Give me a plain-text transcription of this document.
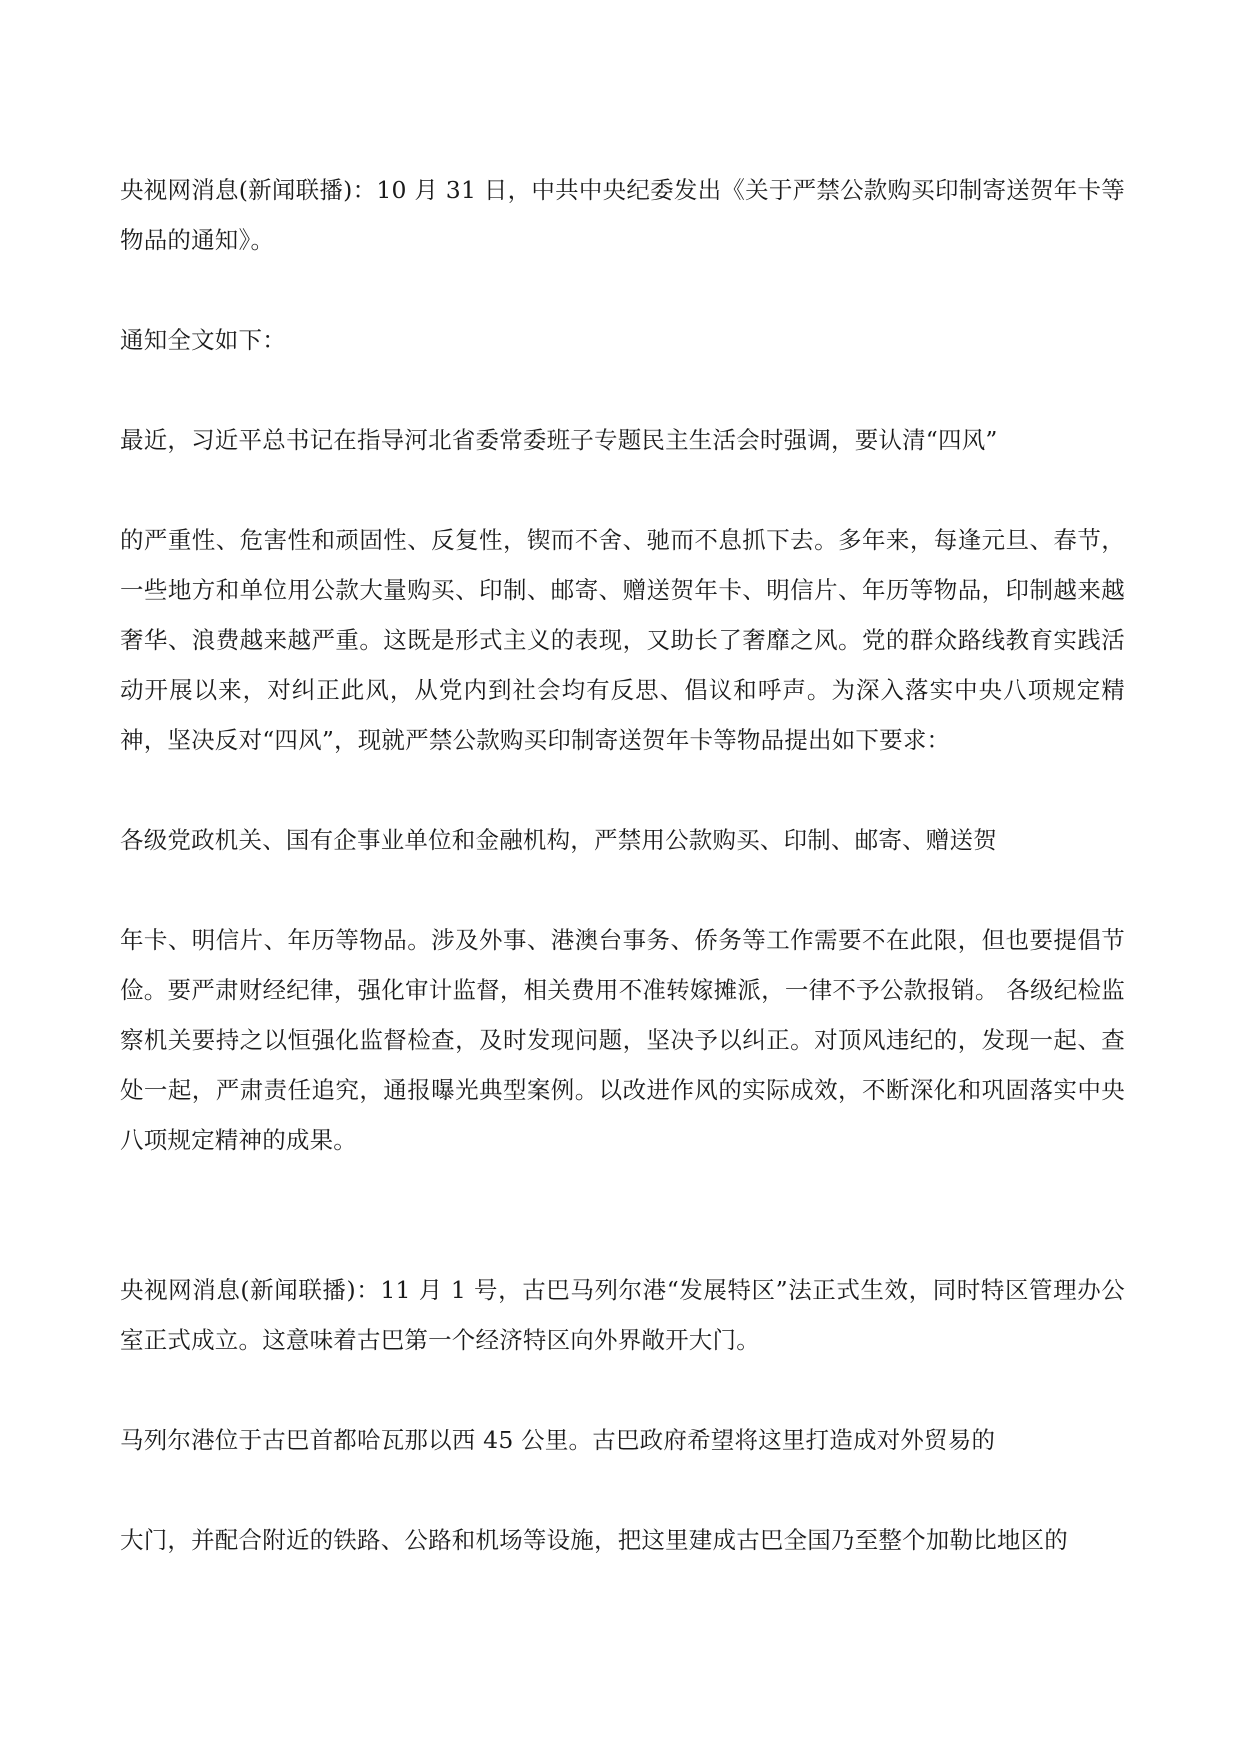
央视网消息(新闻联播)：10 月 31 日，中共中央纪委发出《关于严禁公款购买印制寄送贺年卡等物品的通知》。

通知全文如下：

最近，习近平总书记在指导河北省委常委班子专题民主生活会时强调，要认清“四风”

的严重性、危害性和顽固性、反复性，锲而不舍、驰而不息抓下去。多年来，每逢元旦、春节，一些地方和单位用公款大量购买、印制、邮寄、赠送贺年卡、明信片、年历等物品，印制越来越奢华、浪费越来越严重。这既是形式主义的表现，又助长了奢靡之风。党的群众路线教育实践活动开展以来，对纠正此风，从党内到社会均有反思、倡议和呼声。为深入落实中央八项规定精神，坚决反对“四风”，现就严禁公款购买印制寄送贺年卡等物品提出如下要求：

各级党政机关、国有企事业单位和金融机构，严禁用公款购买、印制、邮寄、赠送贺

年卡、明信片、年历等物品。涉及外事、港澳台事务、侨务等工作需要不在此限，但也要提倡节俭。要严肃财经纪律，强化审计监督，相关费用不准转嫁摊派，一律不予公款报销。 各级纪检监察机关要持之以恒强化监督检查，及时发现问题，坚决予以纠正。对顶风违纪的，发现一起、查处一起，严肃责任追究，通报曝光典型案例。以改进作风的实际成效，不断深化和巩固落实中央八项规定精神的成果。

央视网消息(新闻联播)：11 月 1 号，古巴马列尔港“发展特区”法正式生效，同时特区管理办公室正式成立。这意味着古巴第一个经济特区向外界敞开大门。

马列尔港位于古巴首都哈瓦那以西 45 公里。古巴政府希望将这里打造成对外贸易的

大门，并配合附近的铁路、公路和机场等设施，把这里建成古巴全国乃至整个加勒比地区的
